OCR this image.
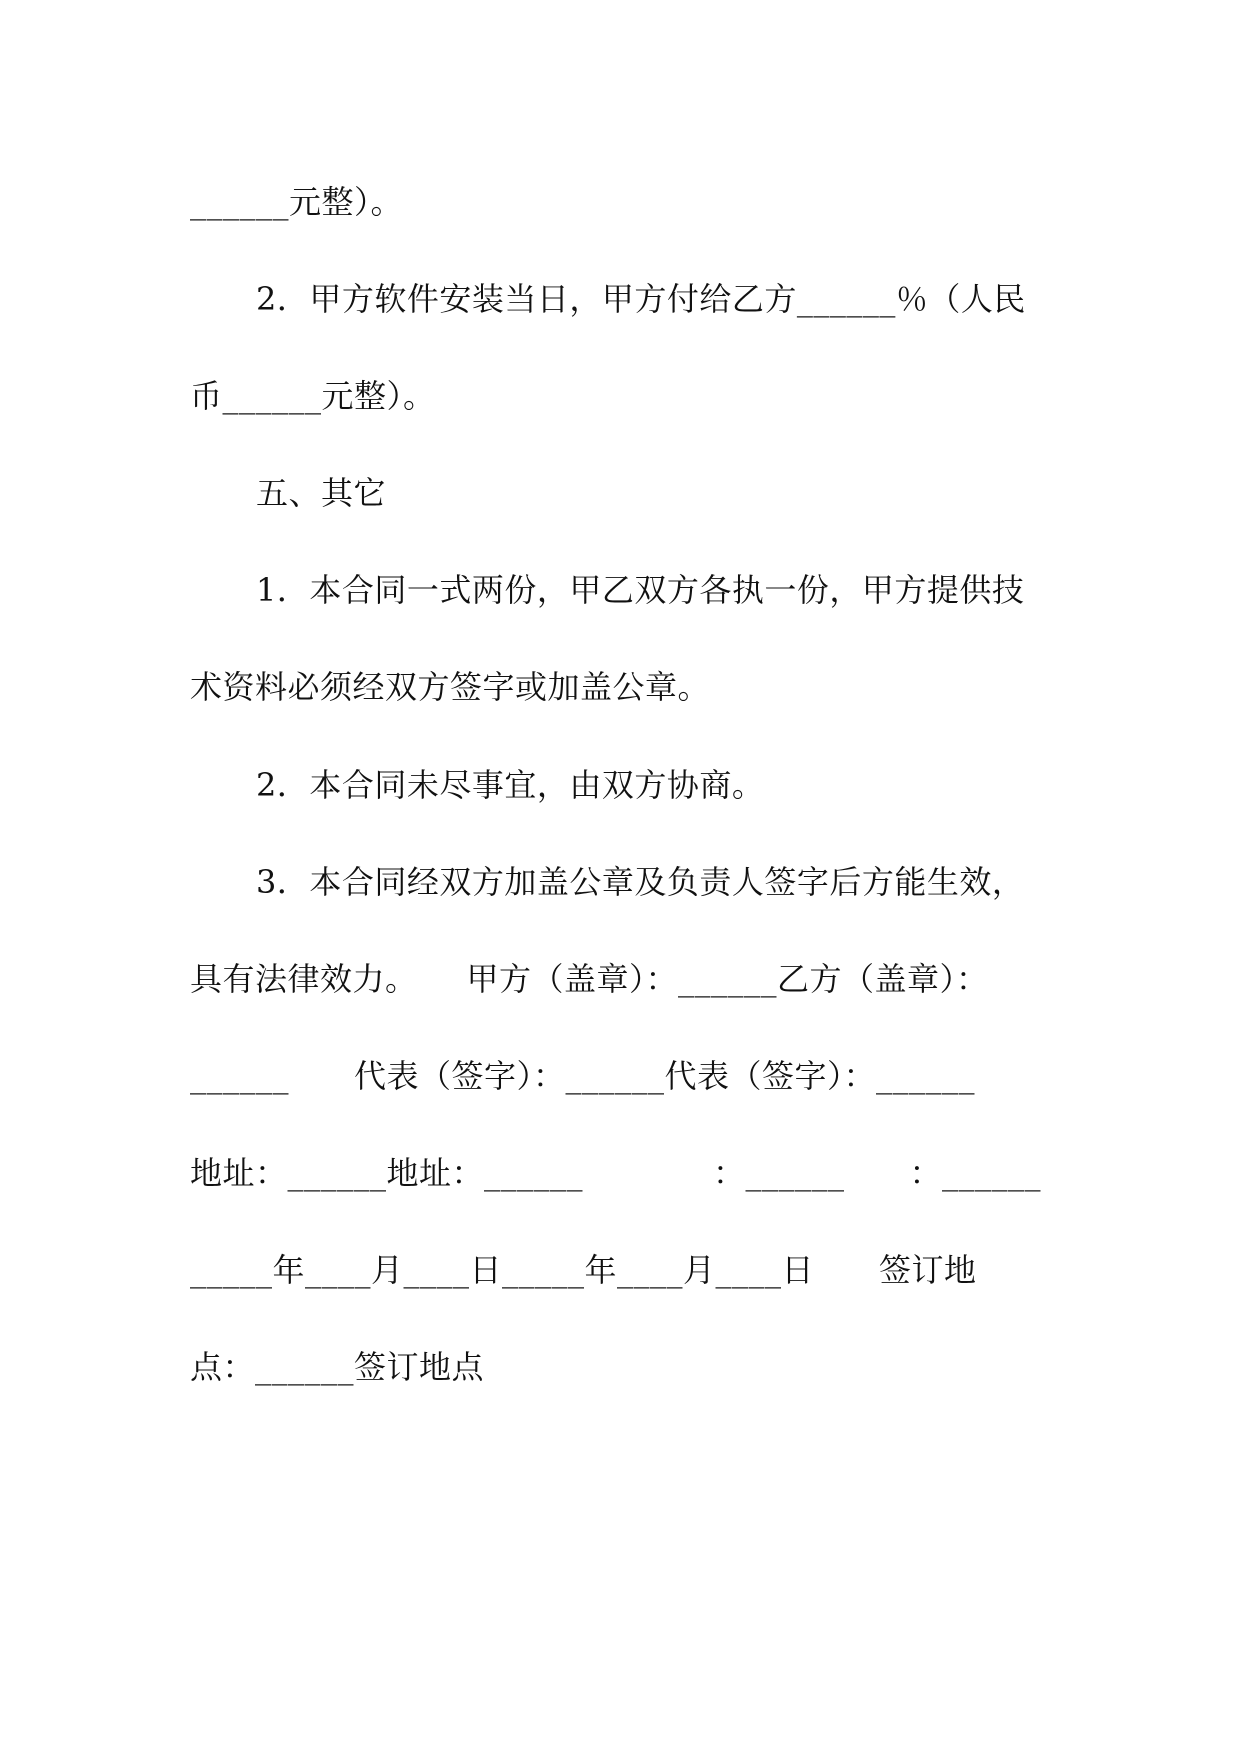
______元整）。
2．甲方软件安装当日，甲方付给乙方______％（人民
币______元整）。
五、其它
1．本合同一式两份，甲乙双方各执一份，甲方提供技
术资料必须经双方签字或加盖公章。
2．本合同未尽事宜，由双方协商。
3．本合同经双方加盖公章及负责人签字后方能生效，
具有法律效力。　　甲方（盖章）：______乙方（盖章）：
______　　代表（签字）：______代表（签字）：______
地址：______地址：______　　　　：______　　：______
_____年____月____日_____年____月____日　　签订地
点：______签订地点
